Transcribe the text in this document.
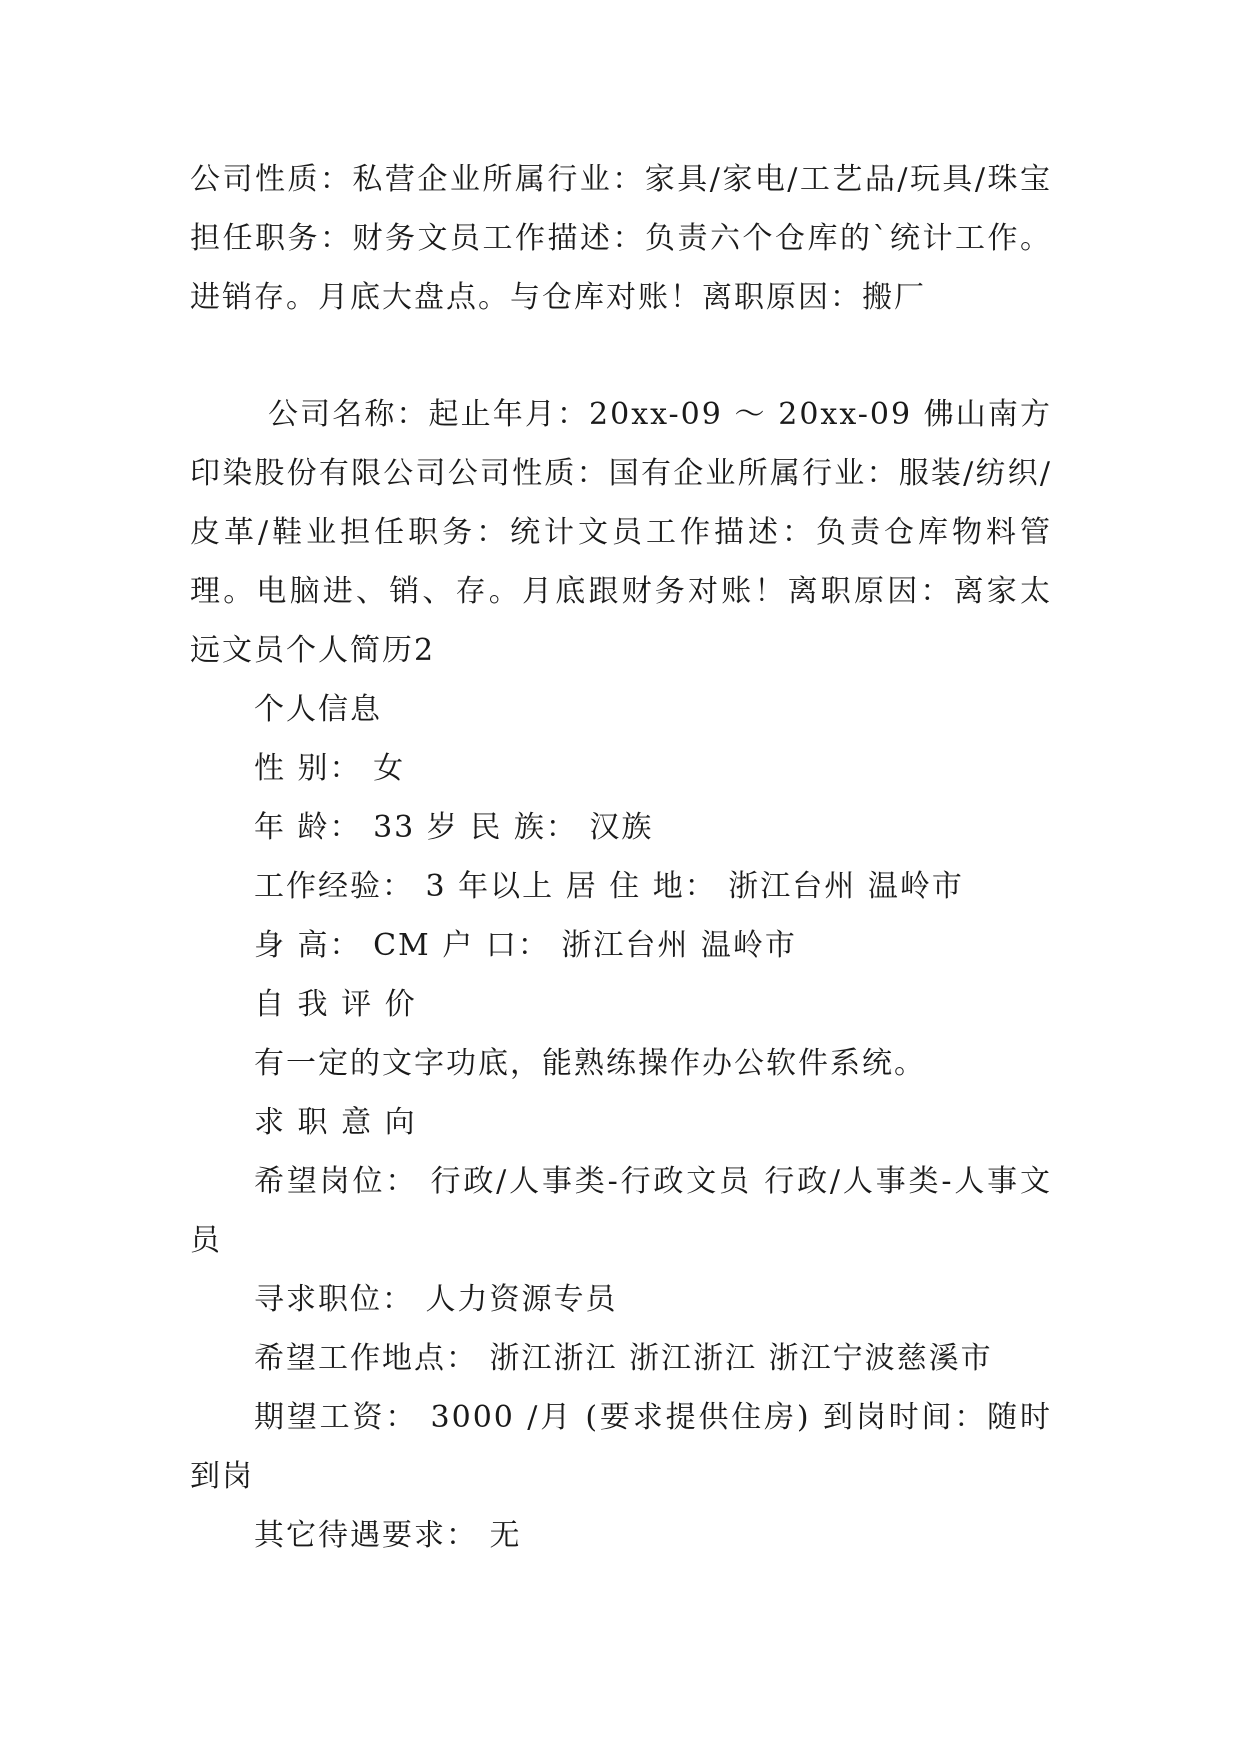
公司性质：私营企业所属行业：家具/家电/工艺品/玩具/珠宝担任职务：财务文员工作描述：负责六个仓库的`统计工作。进销存。月底大盘点。与仓库对账！离职原因：搬厂

公司名称：起止年月：20xx-09 ～ 20xx-09 佛山南方印染股份有限公司公司性质：国有企业所属行业：服装/纺织/皮革/鞋业担任职务：统计文员工作描述：负责仓库物料管理。电脑进、销、存。月底跟财务对账！离职原因：离家太远文员个人简历2

个人信息

性 别： 女

年 龄： 33 岁 民 族： 汉族

工作经验： 3 年以上 居 住 地： 浙江台州 温岭市

身 高： CM 户 口： 浙江台州 温岭市

自 我 评 价

有一定的文字功底，能熟练操作办公软件系统。

求 职 意 向

希望岗位： 行政/人事类-行政文员 行政/人事类-人事文员

寻求职位： 人力资源专员

希望工作地点： 浙江浙江 浙江浙江 浙江宁波慈溪市

期望工资： 3000 /月 (要求提供住房) 到岗时间：随时到岗

其它待遇要求： 无
